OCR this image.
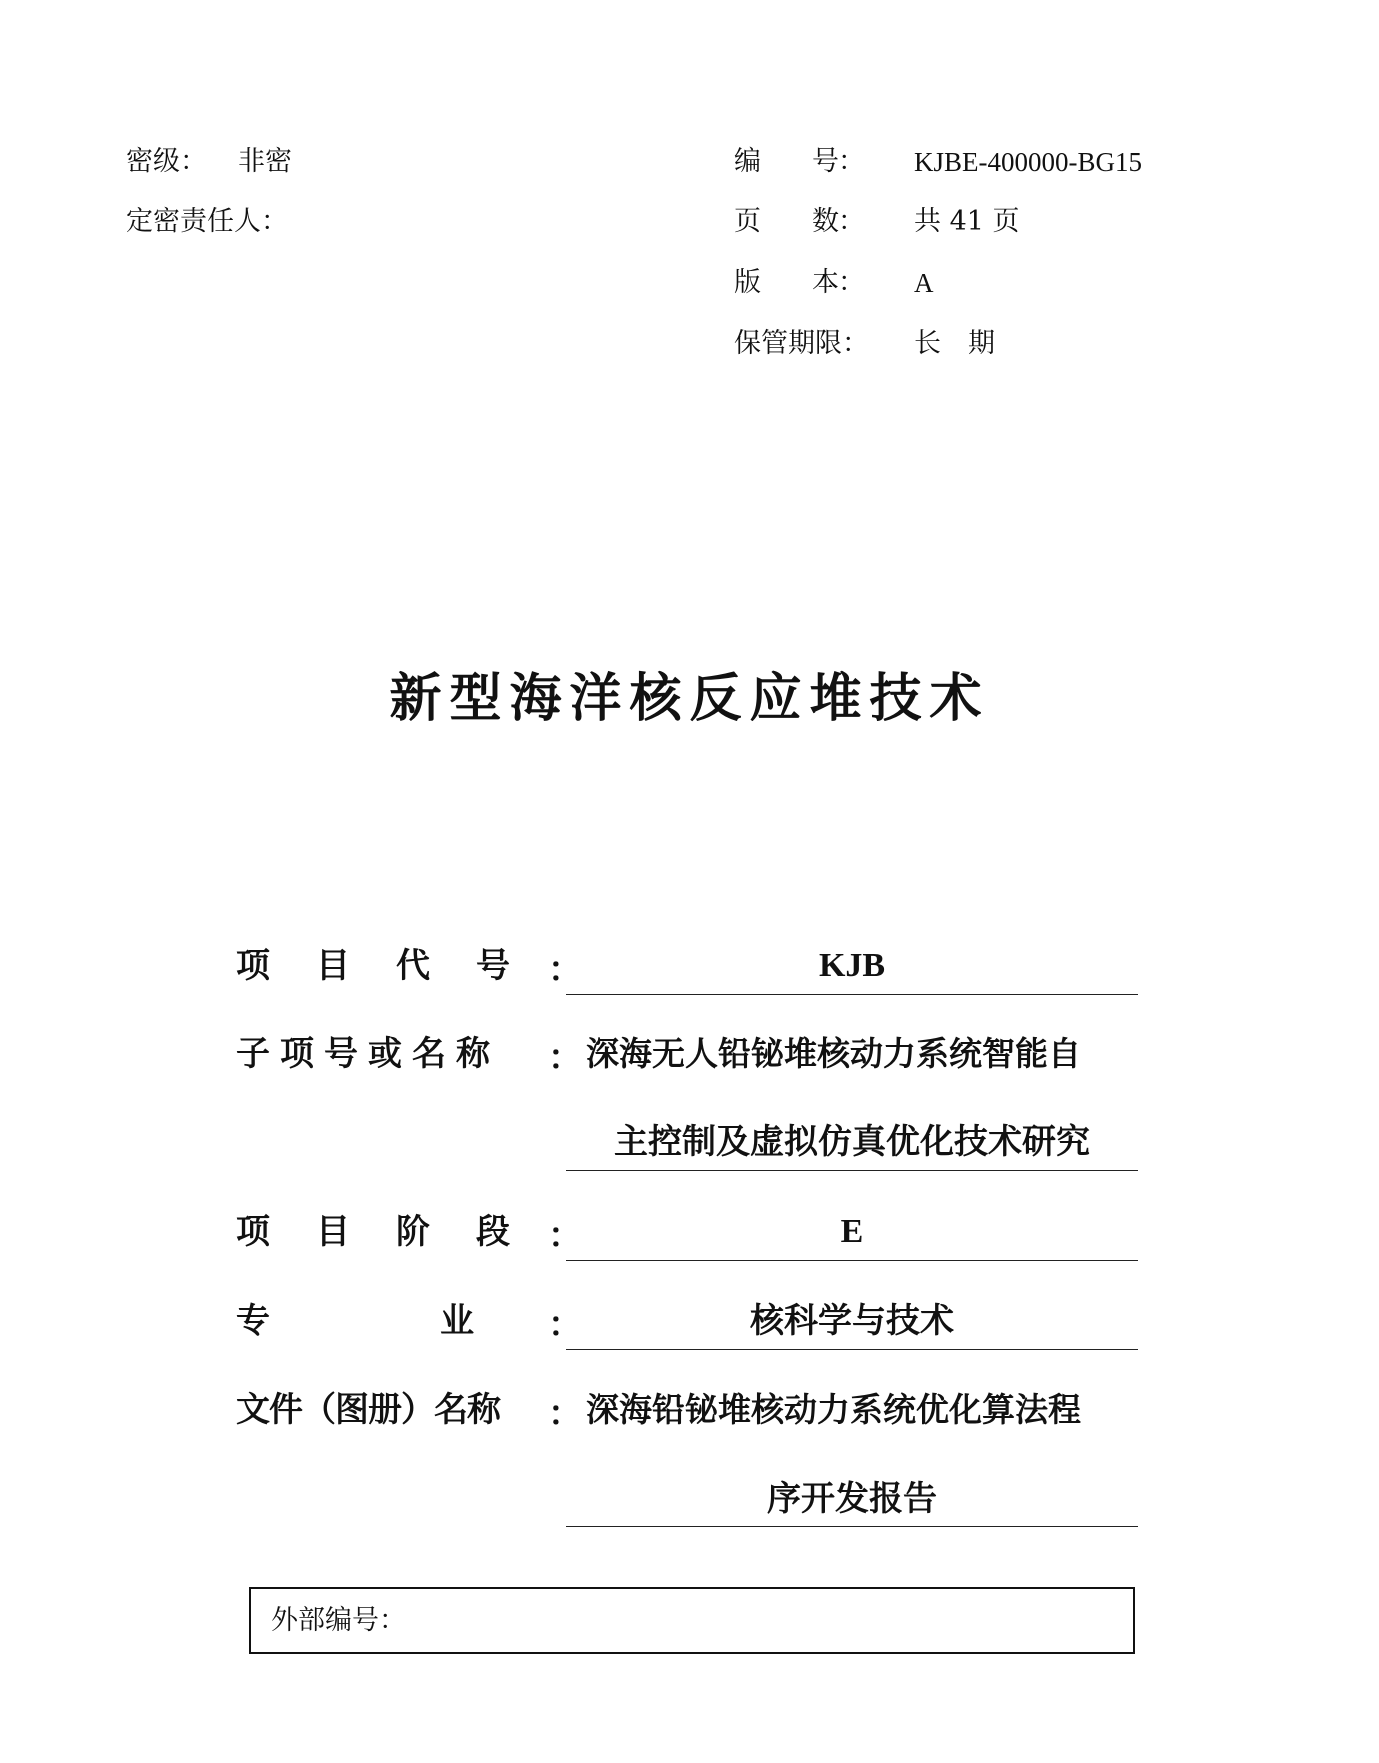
密级： 非密
定密责任人：
编　　号： KJBE-400000-BG15
页　　数： 共 41 页
版　　本： A
保管期限： 长　期
新型海洋核反应堆技术
项　目　代　号 ：	KJB
子项号或名称 ： 深海无人铅铋堆核动力系统智能自
主控制及虚拟仿真优化技术研究
项　目　阶　段 ：	E
专　　　　　业 ：	核科学与技术
文件（图册）名称 ： 深海铅铋堆核动力系统优化算法程
序开发报告
外部编号：
